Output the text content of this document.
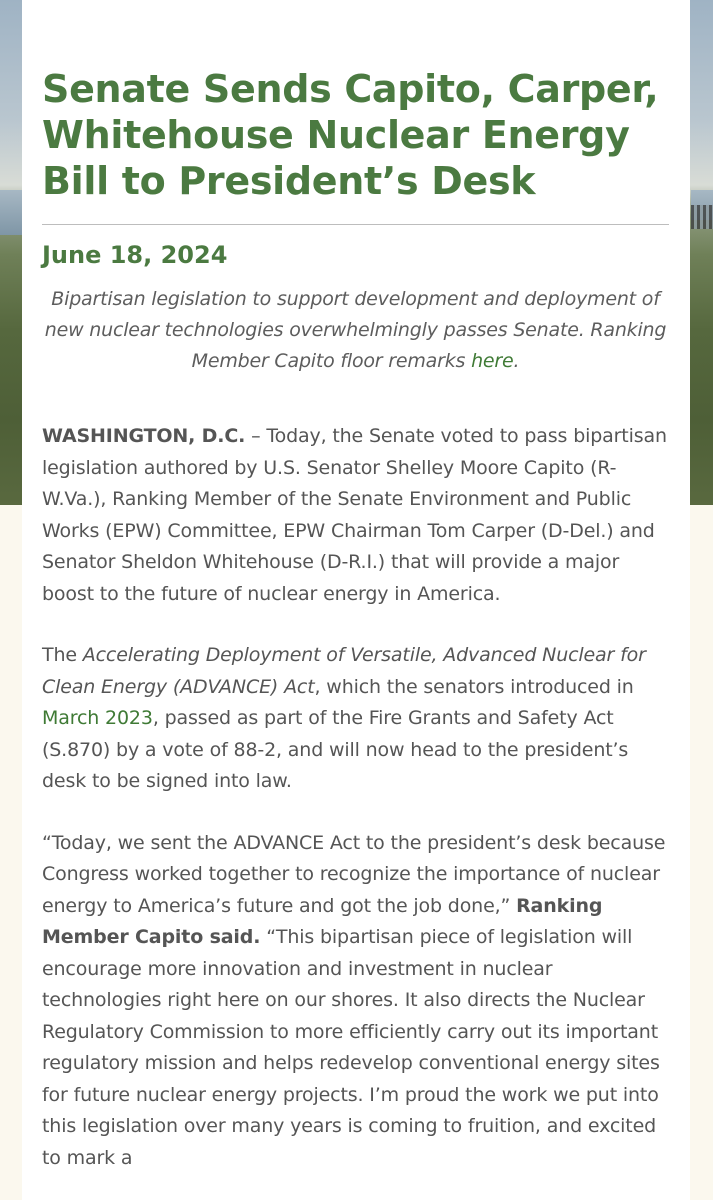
Senate Sends Capito, Carper, Whitehouse Nuclear Energy Bill to President’s Desk
June 18, 2024

Bipartisan legislation to support development and deployment of new nuclear technologies overwhelmingly passes Senate. Ranking Member Capito floor remarks here.

WASHINGTON, D.C. – Today, the Senate voted to pass bipartisan legislation authored by U.S. Senator Shelley Moore Capito (R-W.Va.), Ranking Member of the Senate Environment and Public Works (EPW) Committee, EPW Chairman Tom Carper (D-Del.) and Senator Sheldon Whitehouse (D-R.I.) that will provide a major boost to the future of nuclear energy in America.

The Accelerating Deployment of Versatile, Advanced Nuclear for Clean Energy (ADVANCE) Act, which the senators introduced in March 2023, passed as part of the Fire Grants and Safety Act (S.870) by a vote of 88-2, and will now head to the president’s desk to be signed into law.

“Today, we sent the ADVANCE Act to the president’s desk because Congress worked together to recognize the importance of nuclear energy to America’s future and got the job done,” Ranking Member Capito said. “This bipartisan piece of legislation will encourage more innovation and investment in nuclear technologies right here on our shores. It also directs the Nuclear Regulatory Commission to more efficiently carry out its important regulatory mission and helps redevelop conventional energy sites for future nuclear energy projects. I’m proud the work we put into this legislation over many years is coming to fruition, and excited to mark a
